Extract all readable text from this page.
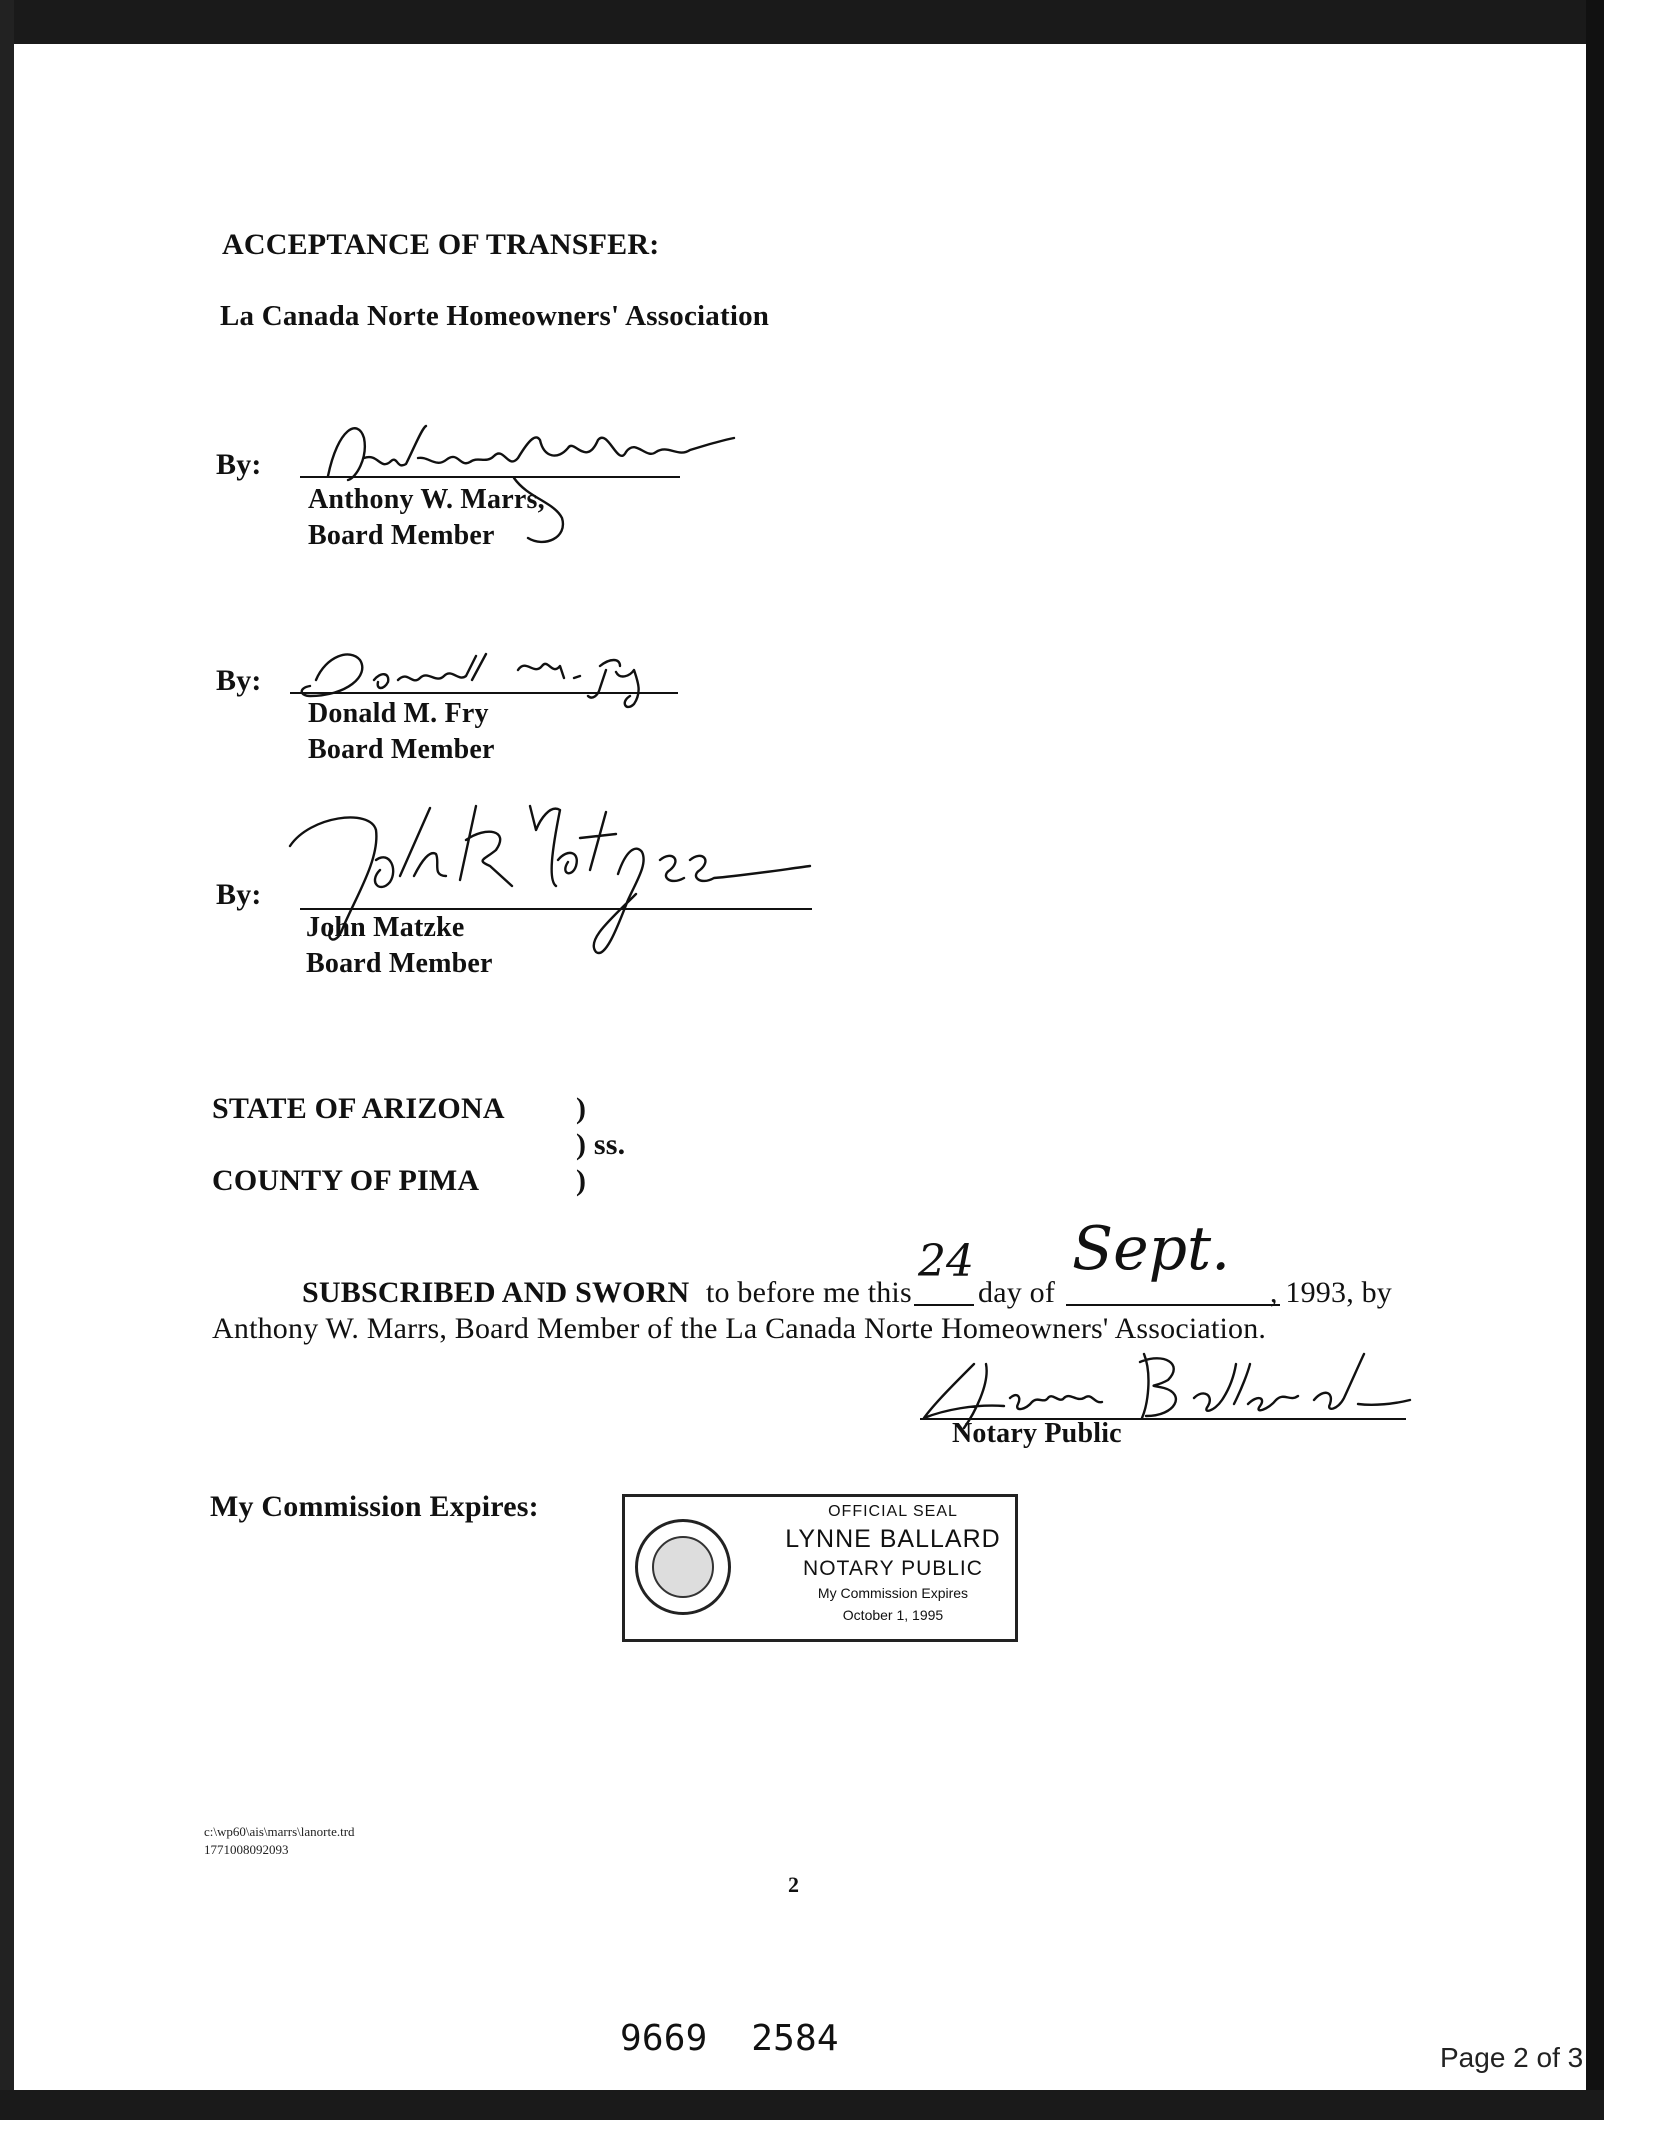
ACCEPTANCE OF TRANSFER:
La Canada Norte Homeowners' Association
By:
Anthony W. Marrs,
Board Member
By:
Donald M. Fry
Board Member
By:
John Matzke
Board Member
STATE OF ARIZONA )
) ss.
COUNTY OF PIMA	)
SUBSCRIBED AND SWORN to before me this
24
day of
Sept.
, 1993, by
Anthony W. Marrs, Board Member of the La Canada Norte Homeowners' Association.
Notary Public
My Commission Expires:	OFFICIAL SEAL
LYNNE BALLARD
NOTARY PUBLIC
My Commission Expires
October 1, 1995
c:\wp60\ais\marrs\lanorte.trd
1771008092093
2
9669  2584	Page 2 of 3
